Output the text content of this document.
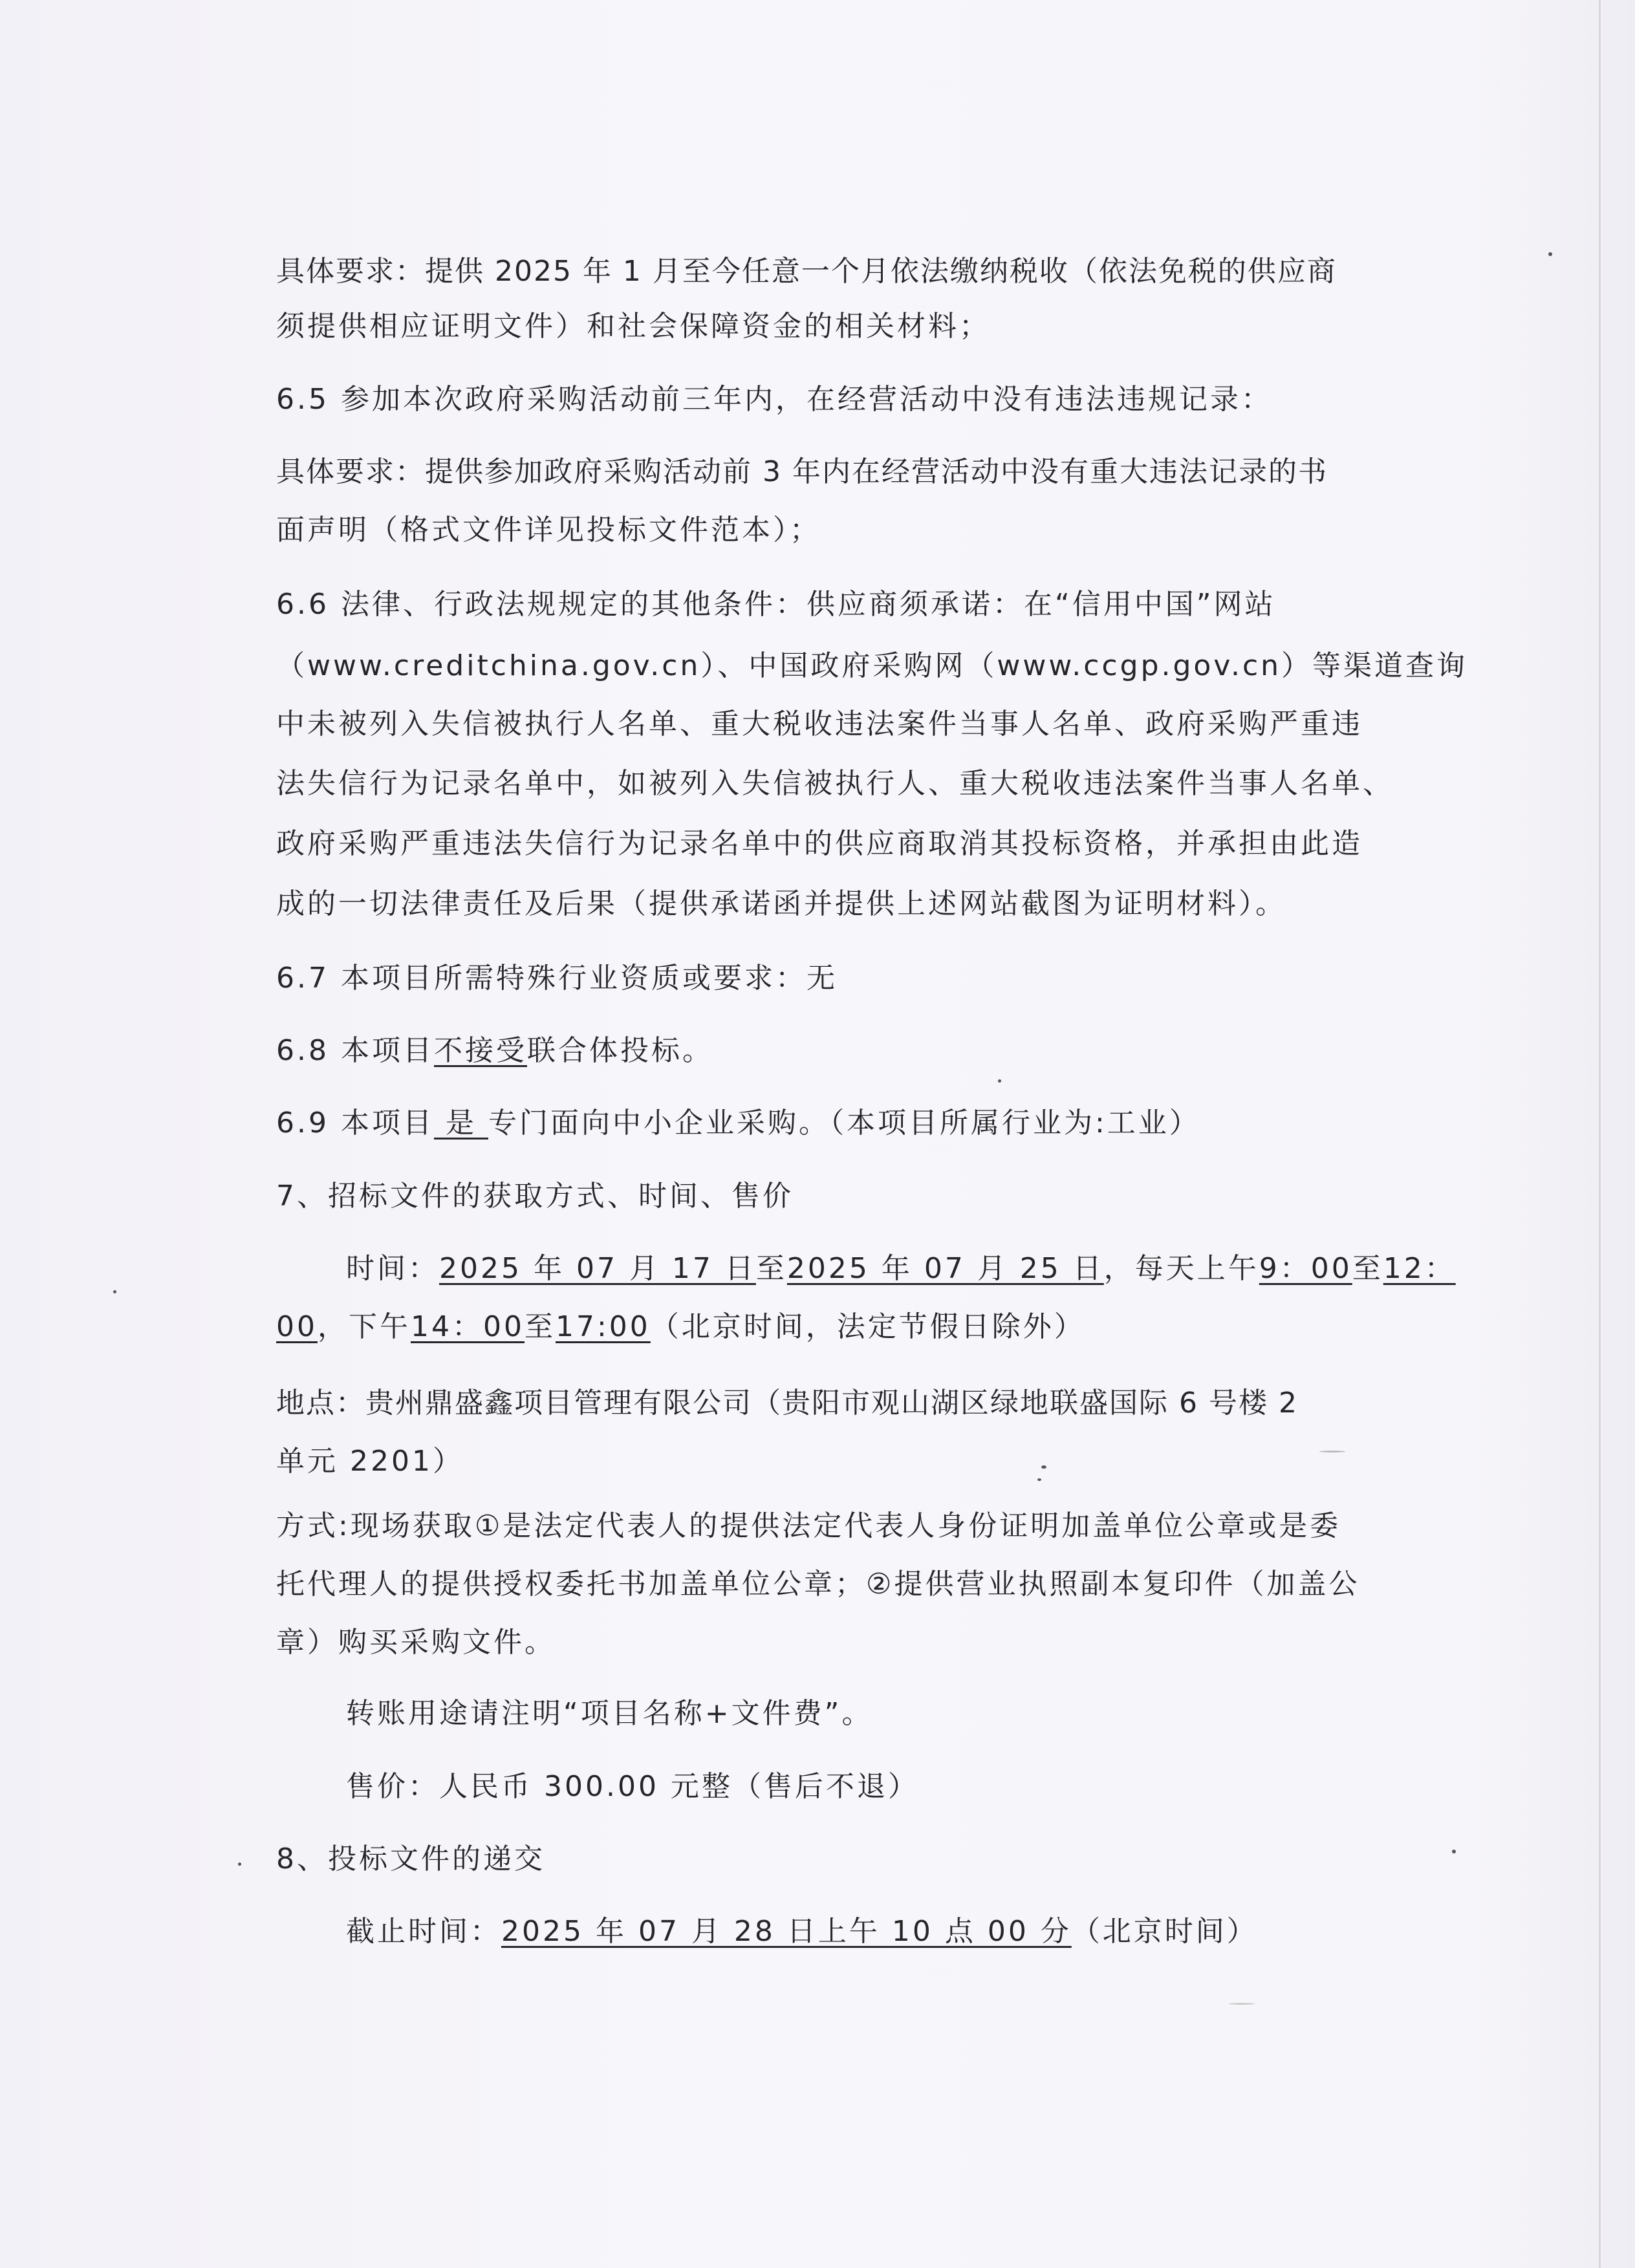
具体要求：提供 2025 年 1 月至今任意一个月依法缴纳税收（依法免税的供应商
须提供相应证明文件）和社会保障资金的相关材料；
6.5 参加本次政府采购活动前三年内，在经营活动中没有违法违规记录：
具体要求：提供参加政府采购活动前 3 年内在经营活动中没有重大违法记录的书
面声明（格式文件详见投标文件范本）；
6.6 法律、行政法规规定的其他条件：供应商须承诺：在“信用中国”网站
（www.creditchina.gov.cn）、中国政府采购网（www.ccgp.gov.cn）等渠道查询
中未被列入失信被执行人名单、重大税收违法案件当事人名单、政府采购严重违
法失信行为记录名单中，如被列入失信被执行人、重大税收违法案件当事人名单、
政府采购严重违法失信行为记录名单中的供应商取消其投标资格，并承担由此造
成的一切法律责任及后果（提供承诺函并提供上述网站截图为证明材料）。
6.7 本项目所需特殊行业资质或要求：无
6.8 本项目不接受联合体投标。
6.9 本项目 是 专门面向中小企业采购。（本项目所属行业为:工业）
7、招标文件的获取方式、时间、售价
时间：2025 年 07 月 17 日至2025 年 07 月 25 日，每天上午9：00至12：
00，下午14：00至17:00（北京时间，法定节假日除外）
地点：贵州鼎盛鑫项目管理有限公司（贵阳市观山湖区绿地联盛国际 6 号楼 2
单元 2201）
方式:现场获取①是法定代表人的提供法定代表人身份证明加盖单位公章或是委
托代理人的提供授权委托书加盖单位公章；②提供营业执照副本复印件（加盖公
章）购买采购文件。
转账用途请注明“项目名称+文件费”。
售价：人民币 300.00 元整（售后不退）
8、投标文件的递交
截止时间：2025 年 07 月 28 日上午 10 点 00 分（北京时间）
